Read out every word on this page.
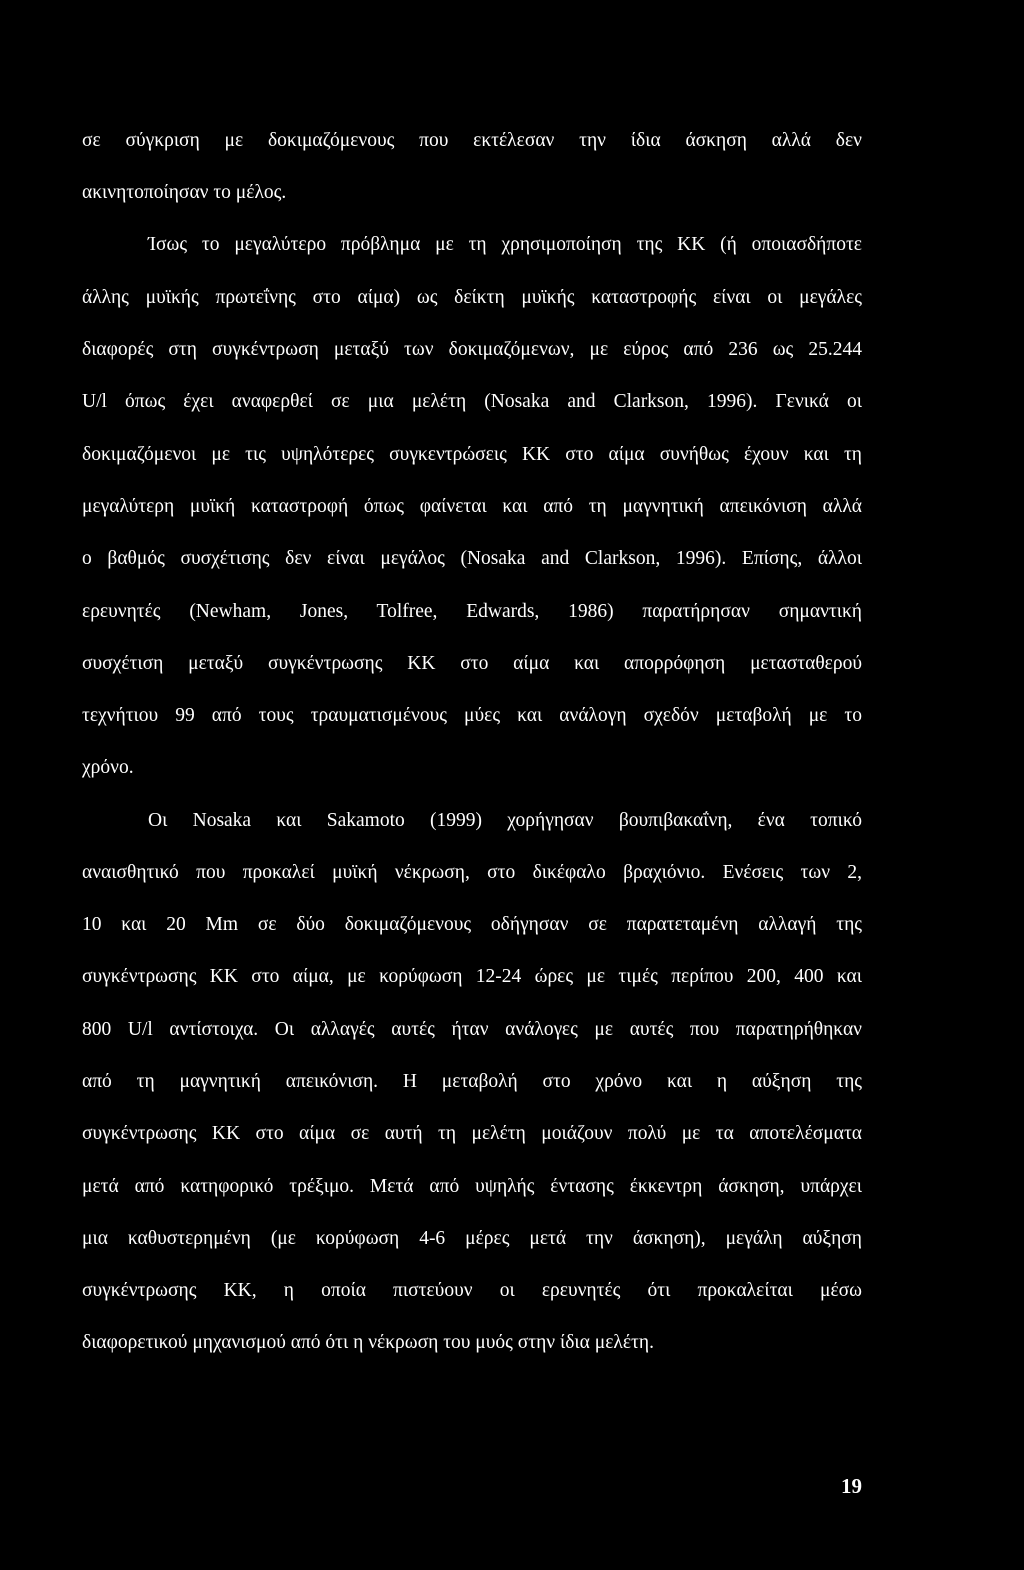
σε σύγκριση με δοκιμαζόμενους που εκτέλεσαν την ίδια άσκηση αλλά δεν
ακινητοποίησαν το μέλος.
Ίσως το μεγαλύτερο πρόβλημα με τη χρησιμοποίηση της ΚΚ (ή οποιασδήποτε
άλλης μυϊκής πρωτεΐνης στο αίμα) ως δείκτη μυϊκής καταστροφής είναι οι μεγάλες
διαφορές στη συγκέντρωση μεταξύ των δοκιμαζόμενων, με εύρος από 236 ως 25.244
U/l όπως έχει αναφερθεί σε μια μελέτη (Nosaka and Clarkson, 1996). Γενικά οι
δοκιμαζόμενοι με τις υψηλότερες συγκεντρώσεις ΚΚ στο αίμα συνήθως έχουν και τη
μεγαλύτερη μυϊκή καταστροφή όπως φαίνεται και από τη μαγνητική απεικόνιση αλλά
ο βαθμός συσχέτισης δεν είναι μεγάλος (Nosaka and Clarkson, 1996). Επίσης, άλλοι
ερευνητές (Newham, Jones, Tolfree, Edwards, 1986) παρατήρησαν σημαντική
συσχέτιση μεταξύ συγκέντρωσης ΚΚ στο αίμα και απορρόφηση μετασταθερού
τεχνήτιου 99 από τους τραυματισμένους μύες και ανάλογη σχεδόν μεταβολή με το
χρόνο.
Οι Nosaka και Sakamoto (1999) χορήγησαν βουπιβακαΐνη, ένα τοπικό
αναισθητικό που προκαλεί μυϊκή νέκρωση, στο δικέφαλο βραχιόνιο. Ενέσεις των 2,
10 και 20 Mm σε δύο δοκιμαζόμενους οδήγησαν σε παρατεταμένη αλλαγή της
συγκέντρωσης ΚΚ στο αίμα, με κορύφωση 12-24 ώρες με τιμές περίπου 200, 400 και
800 U/l αντίστοιχα. Οι αλλαγές αυτές ήταν ανάλογες με αυτές που παρατηρήθηκαν
από τη μαγνητική απεικόνιση. Η μεταβολή στο χρόνο και η αύξηση της
συγκέντρωσης ΚΚ στο αίμα σε αυτή τη μελέτη μοιάζουν πολύ με τα αποτελέσματα
μετά από κατηφορικό τρέξιμο. Μετά από υψηλής έντασης έκκεντρη άσκηση, υπάρχει
μια καθυστερημένη (με κορύφωση 4-6 μέρες μετά την άσκηση), μεγάλη αύξηση
συγκέντρωσης ΚΚ, η οποία πιστεύουν οι ερευνητές ότι προκαλείται μέσω
διαφορετικού μηχανισμού από ότι η νέκρωση του μυός στην ίδια μελέτη.
19
